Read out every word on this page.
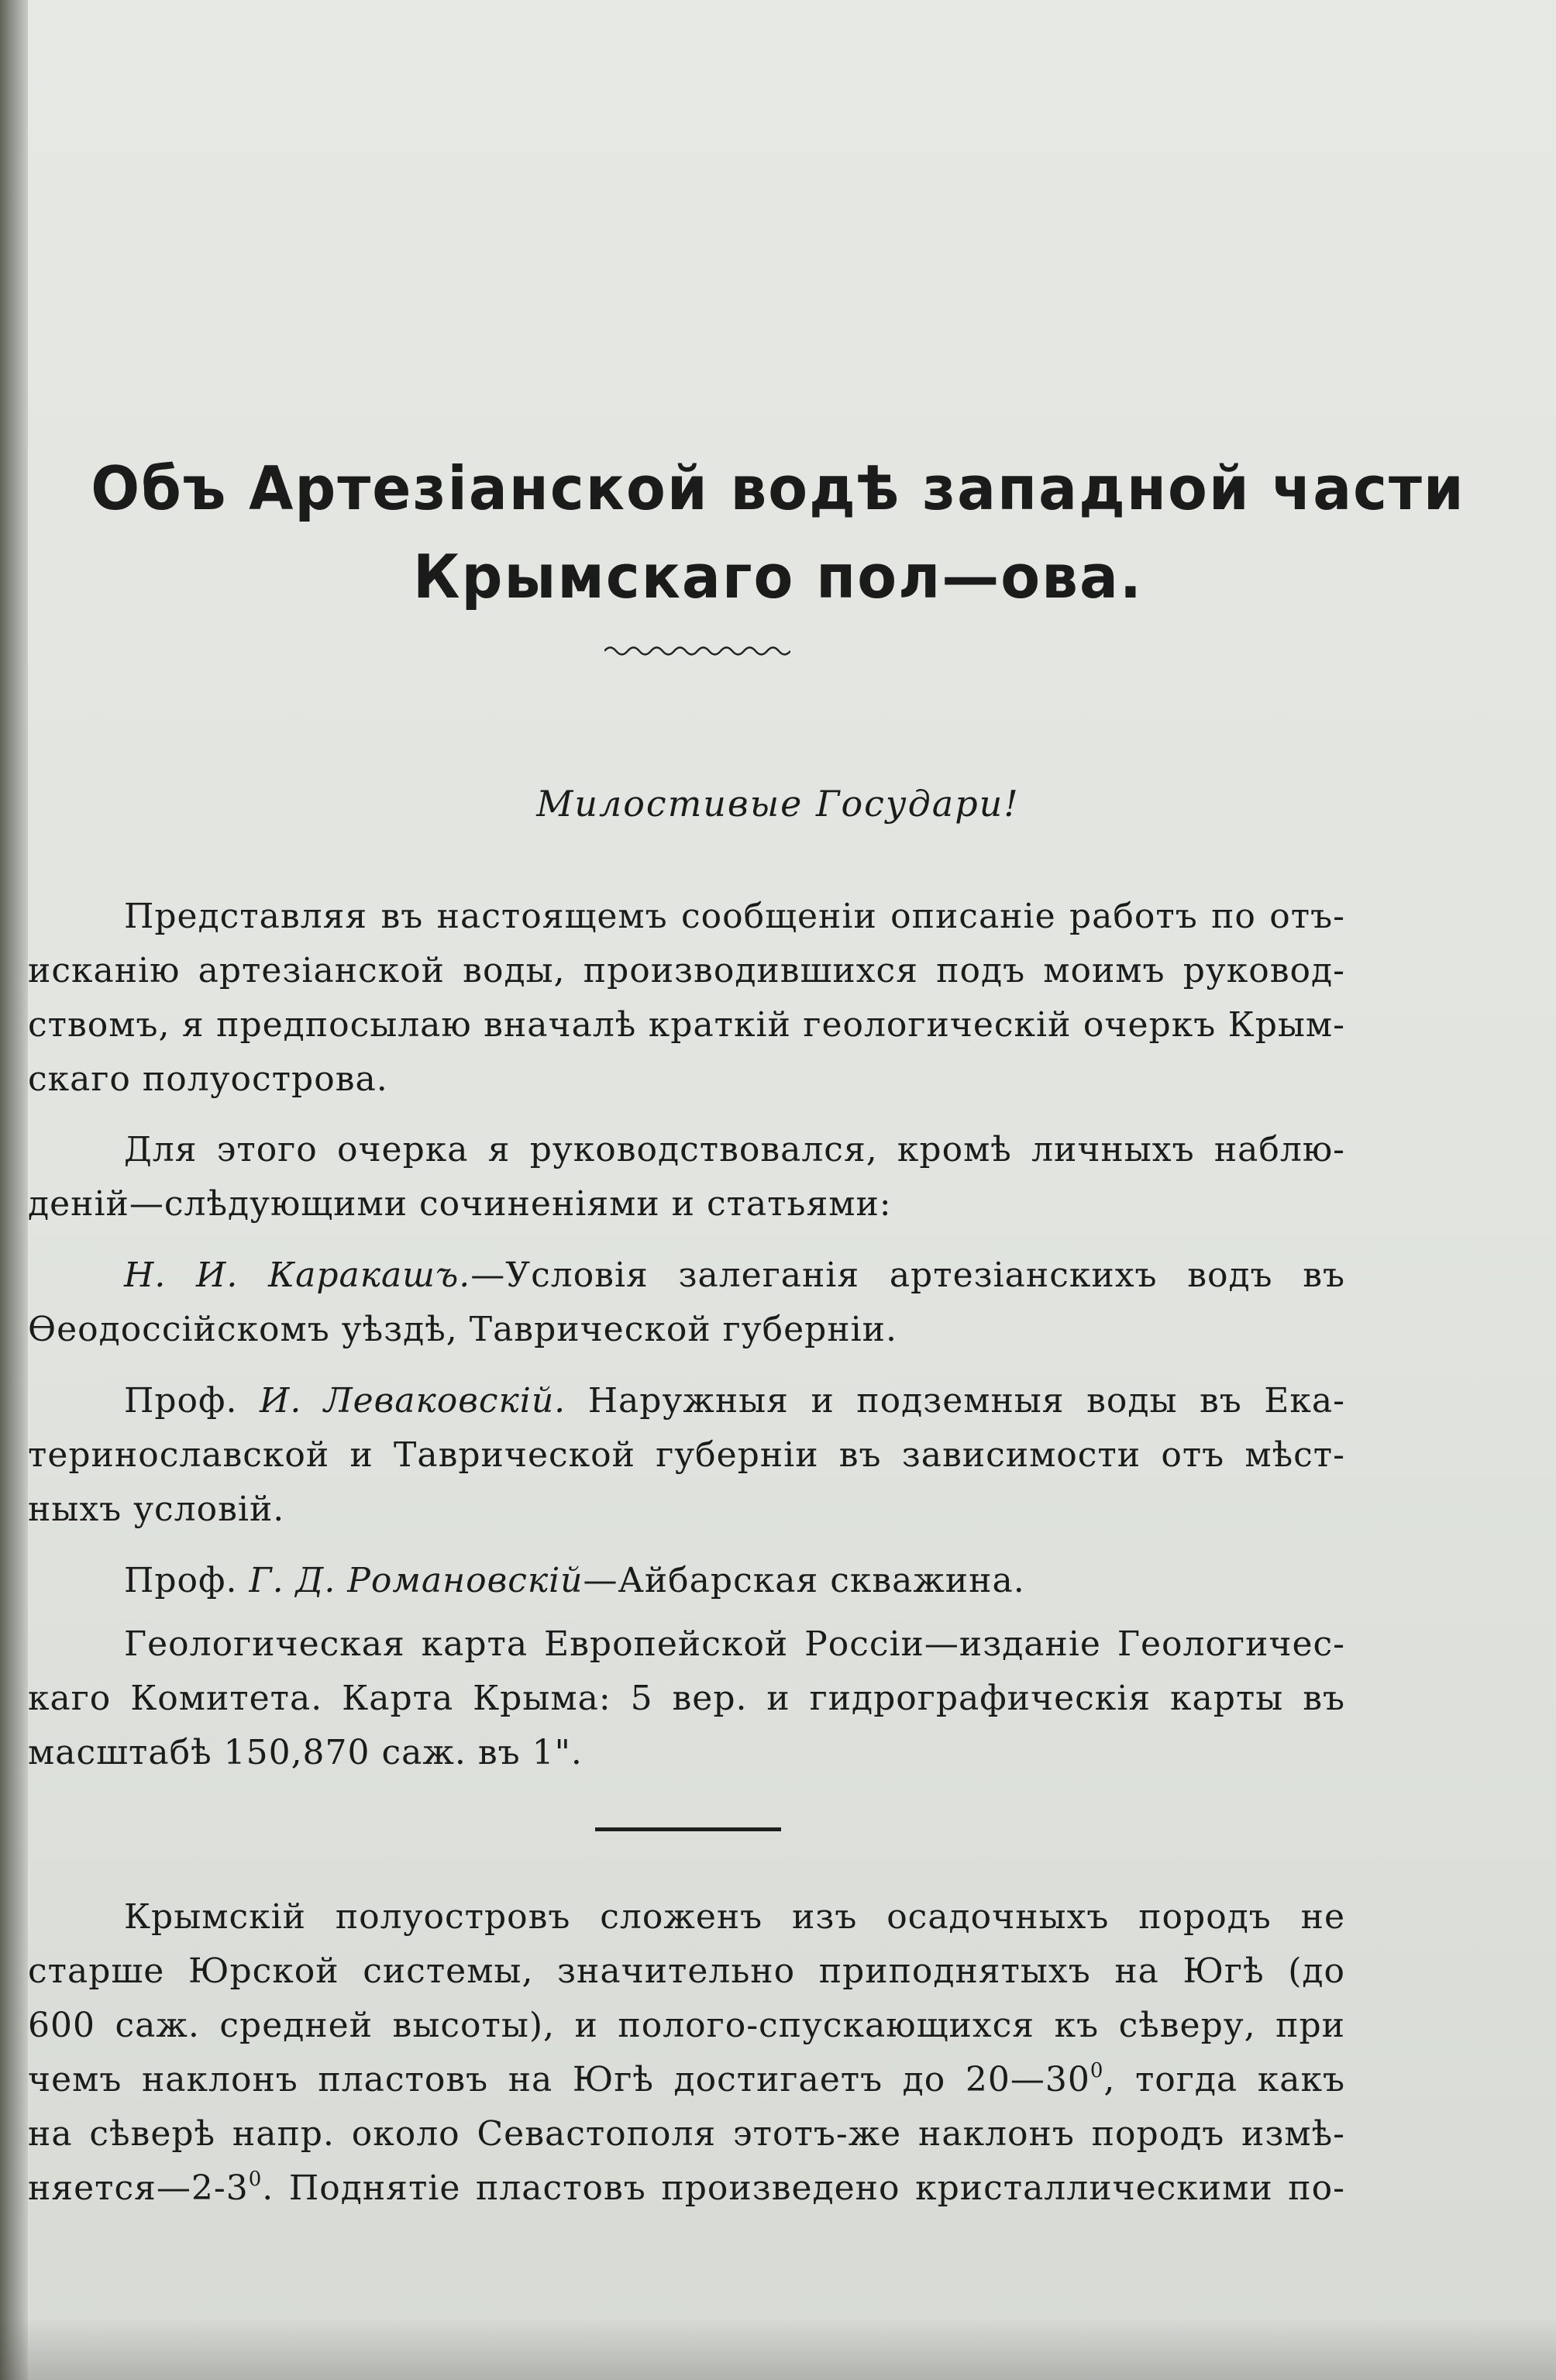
Объ Артезіанской водѣ западной части
Крымскаго пол—ова.
Милостивые Государи!
Представляя въ настоящемъ сообщеніи описаніе работъ по отъ-
исканію артезіанской воды, производившихся подъ моимъ руковод-
ствомъ, я предпосылаю вначалѣ краткій геологическій очеркъ Крым-
скаго полуострова.
Для этого очерка я руководствовался, кромѣ личныхъ наблю-
деній—слѣдующими сочиненіями и статьями:
Н. И. Каракашъ.—Условія залеганія артезіанскихъ водъ въ
Ѳеодоссійскомъ уѣздѣ, Таврической губерніи.
Проф. И. Леваковскій. Наружныя и подземныя воды въ Ека-
теринославской и Таврической губерніи въ зависимости отъ мѣст-
ныхъ условій.
Проф. Г. Д. Романовскій—Айбарская скважина.
Геологическая карта Европейской Россіи—изданіе Геологичес-
каго Комитета. Карта Крыма: 5 вер. и гидрографическія карты въ
масштабѣ 150,870 саж. въ 1".
Крымскій полуостровъ сложенъ изъ осадочныхъ породъ не
старше Юрской системы, значительно приподнятыхъ на Югѣ (до
600 саж. средней высоты), и полого-спускающихся къ сѣверу, при
чемъ наклонъ пластовъ на Югѣ достигаетъ до $20—30^0$, тогда какъ
на сѣверѣ напр. около Севастополя этотъ-же наклонъ породъ измѣ-
$няется—2-3^0$. Поднятіе пластовъ произведено кристаллическими по-
